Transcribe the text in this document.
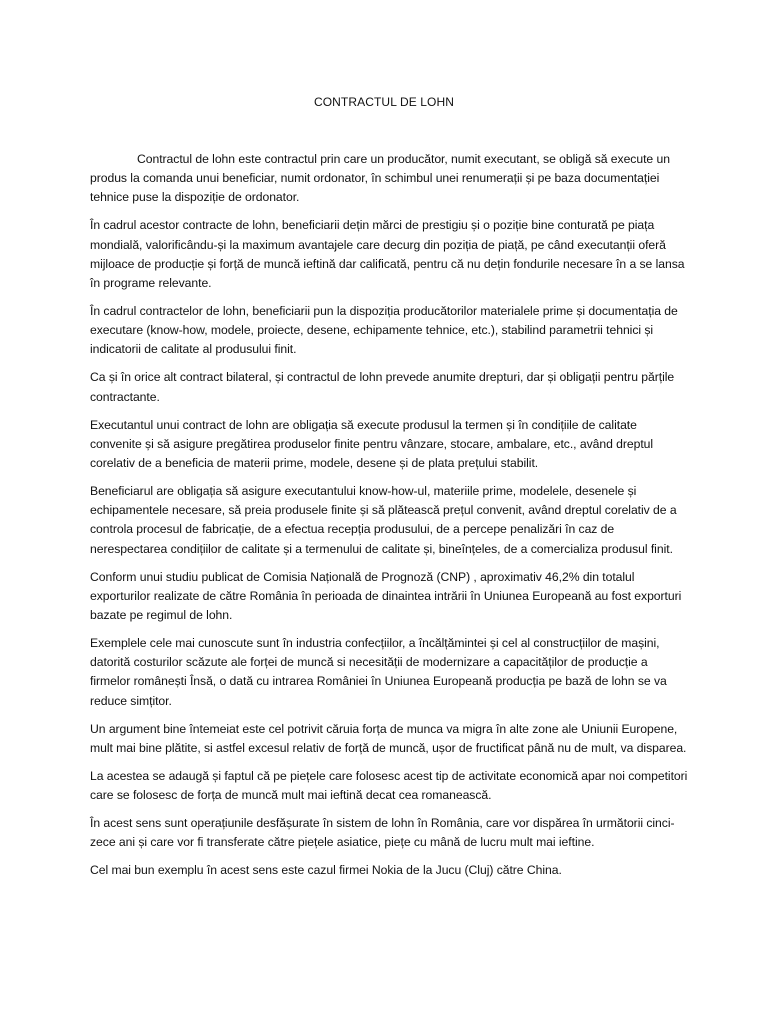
CONTRACTUL DE LOHN

Contractul de lohn este contractul prin care un producător, numit executant, se obligă să execute un produs la comanda unui beneficiar, numit ordonator, în schimbul unei renumerații și pe baza documentației tehnice puse la dispoziție de ordonator.

În cadrul acestor contracte de lohn, beneficiarii dețin mărci de prestigiu și o poziție bine conturată pe piața mondială, valorificându-și la maximum avantajele care decurg din poziția de piață, pe când executanții oferă mijloace de producție și forță de muncă ieftină dar calificată, pentru că nu dețin fondurile necesare în a se lansa în programe relevante.

În cadrul contractelor de lohn, beneficiarii pun la dispoziția producătorilor materialele prime și documentația de executare (know-how, modele, proiecte, desene, echipamente tehnice, etc.), stabilind parametrii tehnici și indicatorii de calitate al produsului finit.

Ca și în orice alt contract bilateral, și contractul de lohn prevede anumite drepturi, dar și obligații pentru părțile contractante.

Executantul unui contract de lohn are obligația să execute produsul la termen și în condițiile de calitate convenite și să asigure pregătirea produselor finite pentru vânzare, stocare, ambalare, etc., având dreptul corelativ de a beneficia de materii prime, modele, desene și de plata prețului stabilit.

Beneficiarul are obligația să asigure executantului know-how-ul, materiile prime, modelele, desenele și echipamentele necesare, să preia produsele finite și să plătească prețul convenit, având dreptul corelativ de a controla procesul de fabricație, de a efectua recepția produsului, de a percepe penalizări în caz de nerespectarea condițiilor de calitate și a termenului de calitate și, bineînțeles, de a comercializa produsul finit.

Conform unui studiu publicat de Comisia Națională de Prognoză (CNP) , aproximativ 46,2% din totalul exporturilor realizate de către România în perioada de dinaintea intrării în Uniunea Europeană au fost exporturi bazate pe regimul de lohn.

Exemplele cele mai cunoscute sunt în industria confecțiilor, a încălțămintei și cel al construcțiilor de mașini, datorită costurilor scăzute ale forței de muncă si necesității de modernizare a capacităților de producție a firmelor românești Însă, o dată cu intrarea României în Uniunea Europeană producția pe bază de lohn se va reduce simțitor.

Un argument bine întemeiat este cel potrivit căruia forța de munca va migra în alte zone ale Uniunii Europene, mult mai bine plătite, si astfel excesul relativ de forță de muncă, ușor de fructificat până nu de mult, va disparea.

La acestea se adaugă și faptul că pe piețele care folosesc acest tip de activitate economică apar noi competitori care se folosesc de forța de muncă mult mai ieftină decat cea romanească.

În acest sens sunt operațiunile desfășurate în sistem de lohn în România, care vor dispărea în următorii cinci-zece ani și care vor fi transferate către piețele asiatice, piețe cu mână de lucru mult mai ieftine.

Cel mai bun exemplu în acest sens este cazul firmei Nokia de la Jucu (Cluj) către China.
